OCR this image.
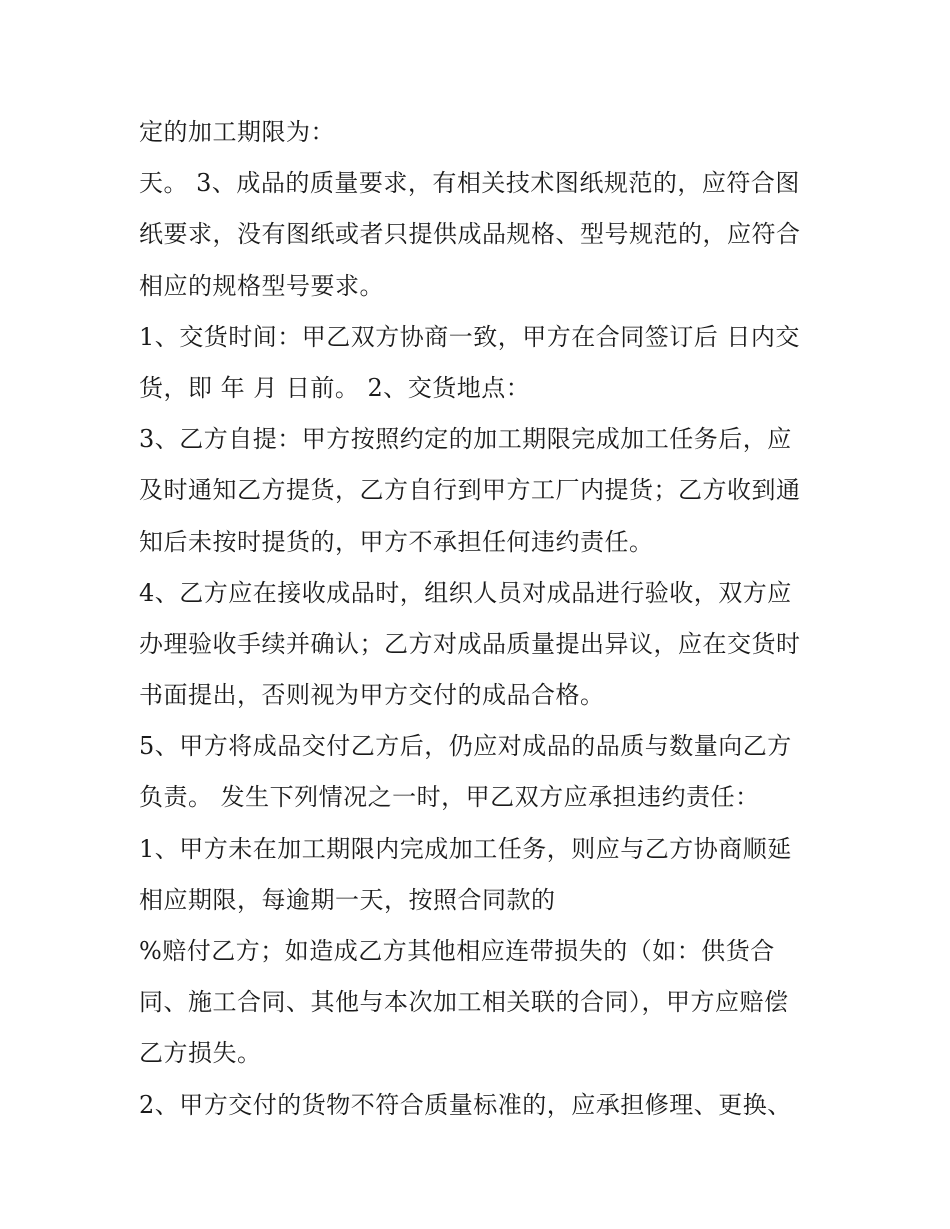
定的加工期限为：
天。 3、成品的质量要求，有相关技术图纸规范的，应符合图
纸要求，没有图纸或者只提供成品规格、型号规范的，应符合
相应的规格型号要求。
1、交货时间：甲乙双方协商一致，甲方在合同签订后 日内交
货，即 年 月 日前。 2、交货地点：
3、乙方自提：甲方按照约定的加工期限完成加工任务后，应
及时通知乙方提货，乙方自行到甲方工厂内提货；乙方收到通
知后未按时提货的，甲方不承担任何违约责任。
4、乙方应在接收成品时，组织人员对成品进行验收，双方应
办理验收手续并确认；乙方对成品质量提出异议，应在交货时
书面提出，否则视为甲方交付的成品合格。
5、甲方将成品交付乙方后，仍应对成品的品质与数量向乙方
负责。 发生下列情况之一时，甲乙双方应承担违约责任：
1、甲方未在加工期限内完成加工任务，则应与乙方协商顺延
相应期限，每逾期一天，按照合同款的
%赔付乙方；如造成乙方其他相应连带损失的（如：供货合
同、施工合同、其他与本次加工相关联的合同），甲方应赔偿
乙方损失。
2、甲方交付的货物不符合质量标准的，应承担修理、更换、
